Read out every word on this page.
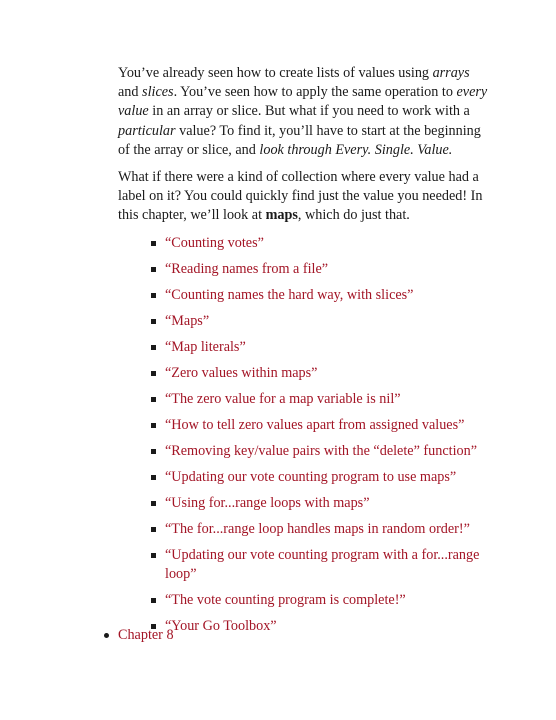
You’ve already seen how to create lists of values using arrays and slices. You’ve seen how to apply the same operation to every value in an array or slice. But what if you need to work with a particular value? To find it, you’ll have to start at the beginning of the array or slice, and look through Every. Single. Value.

What if there were a kind of collection where every value had a label on it? You could quickly find just the value you needed! In this chapter, we’ll look at maps, which do just that.

“Counting votes”
“Reading names from a file”
“Counting names the hard way, with slices”
“Maps”
“Map literals”
“Zero values within maps”
“The zero value for a map variable is nil”
“How to tell zero values apart from assigned values”
“Removing key/value pairs with the “delete” function”
“Updating our vote counting program to use maps”
“Using for...range loops with maps”
“The for...range loop handles maps in random order!”
“Updating our vote counting program with a for...range loop”
“The vote counting program is complete!”
“Your Go Toolbox”
Chapter 8
